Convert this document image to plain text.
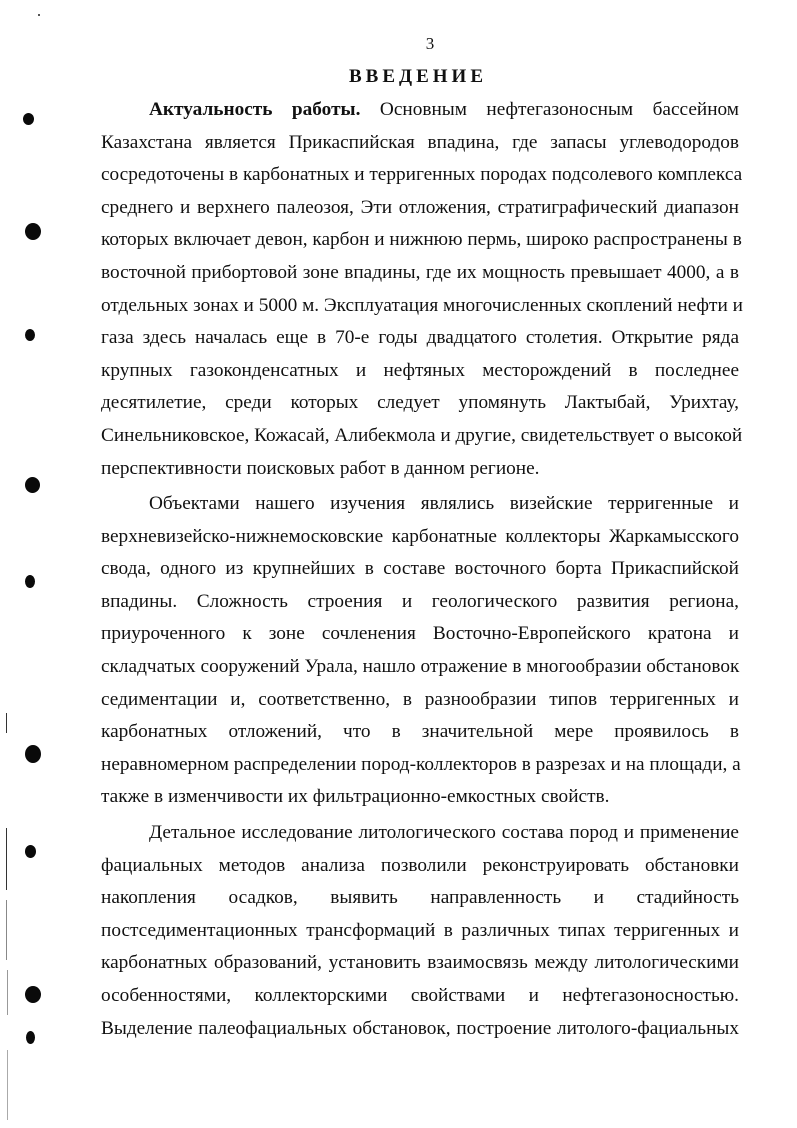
3
ВВЕДЕНИЕ
Актуальность работы. Основным нефтегазоносным бассейном
Казахстана является Прикаспийская впадина, где запасы углеводородов
сосредоточены в карбонатных и терригенных породах подсолевого комплекса
среднего и верхнего палеозоя, Эти отложения, стратиграфический диапазон
которых включает девон, карбон и нижнюю пермь, широко распространены в
восточной прибортовой зоне впадины, где их мощность превышает 4000, а в
отдельных зонах и 5000 м. Эксплуатация многочисленных скоплений нефти и
газа здесь началась еще в 70-е годы двадцатого столетия. Открытие ряда
крупных газоконденсатных и нефтяных месторождений в последнее
десятилетие, среди которых следует упомянуть Лактыбай, Урихтау,
Синельниковское, Кожасай, Алибекмола и другие, свидетельствует о высокой
перспективности поисковых работ в данном регионе.
Объектами нашего изучения являлись визейские терригенные и
верхневизейско-нижнемосковские карбонатные коллекторы Жаркамысского
свода, одного из крупнейших в составе восточного борта Прикаспийской
впадины. Сложность строения и геологического развития региона,
приуроченного к зоне сочленения Восточно-Европейского кратона и
складчатых сооружений Урала, нашло отражение в многообразии обстановок
седиментации и, соответственно, в разнообразии типов терригенных и
карбонатных отложений, что в значительной мере проявилось в
неравномерном распределении пород-коллекторов в разрезах и на площади, а
также в изменчивости их фильтрационно-емкостных свойств.
Детальное исследование литологического состава пород и применение
фациальных методов анализа позволили реконструировать обстановки
накопления осадков, выявить направленность и стадийность
постседиментационных трансформаций в различных типах терригенных и
карбонатных образований, установить взаимосвязь между литологическими
особенностями, коллекторскими свойствами и нефтегазоносностью.
Выделение палеофациальных обстановок, построение литолого-фациальных
